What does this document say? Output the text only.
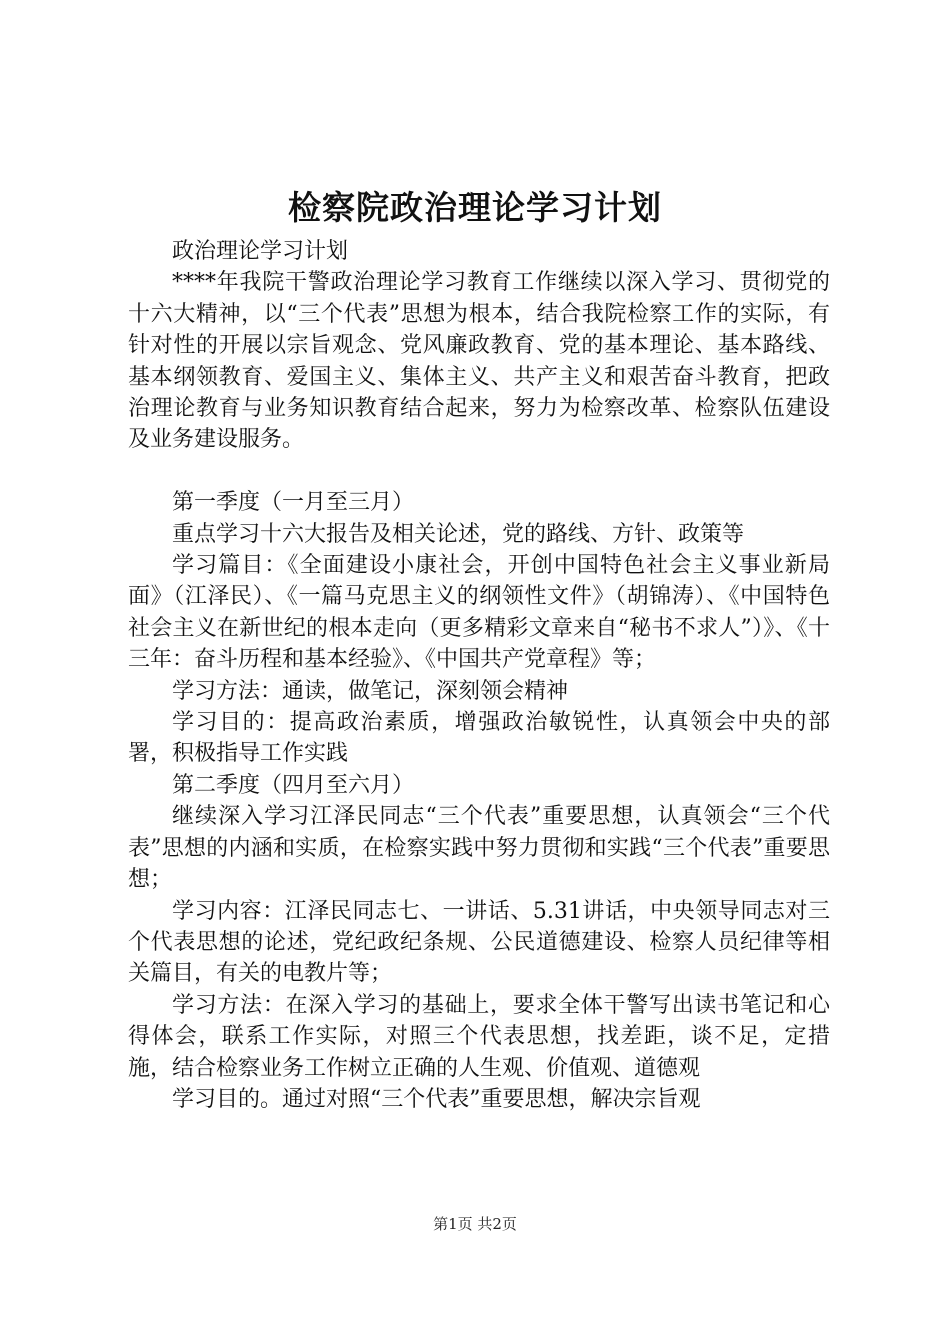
检察院政治理论学习计划

政治理论学习计划

****年我院干警政治理论学习教育工作继续以深入学习、贯彻党的十六大精神，以“三个代表”思想为根本，结合我院检察工作的实际，有针对性的开展以宗旨观念、党风廉政教育、党的基本理论、基本路线、基本纲领教育、爱国主义、集体主义、共产主义和艰苦奋斗教育，把政治理论教育与业务知识教育结合起来，努力为检察改革、检察队伍建设及业务建设服务。

第一季度（一月至三月）

重点学习十六大报告及相关论述，党的路线、方针、政策等

学习篇目：《全面建设小康社会，开创中国特色社会主义事业新局面》（江泽民）、《一篇马克思主义的纲领性文件》（胡锦涛）、《中国特色社会主义在新世纪的根本走向（更多精彩文章来自“秘书不求人”）》、《十三年：奋斗历程和基本经验》、《中国共产党章程》等；

学习方法：通读，做笔记，深刻领会精神

学习目的：提高政治素质，增强政治敏锐性，认真领会中央的部署，积极指导工作实践

第二季度（四月至六月）

继续深入学习江泽民同志“三个代表”重要思想，认真领会“三个代表”思想的内涵和实质，在检察实践中努力贯彻和实践“三个代表”重要思想；

学习内容：江泽民同志七、一讲话、5.31讲话，中央领导同志对三个代表思想的论述，党纪政纪条规、公民道德建设、检察人员纪律等相关篇目，有关的电教片等；

学习方法：在深入学习的基础上，要求全体干警写出读书笔记和心得体会，联系工作实际，对照三个代表思想，找差距，谈不足，定措施，结合检察业务工作树立正确的人生观、价值观、道德观

学习目的。通过对照“三个代表”重要思想，解决宗旨观

第1页 共2页
